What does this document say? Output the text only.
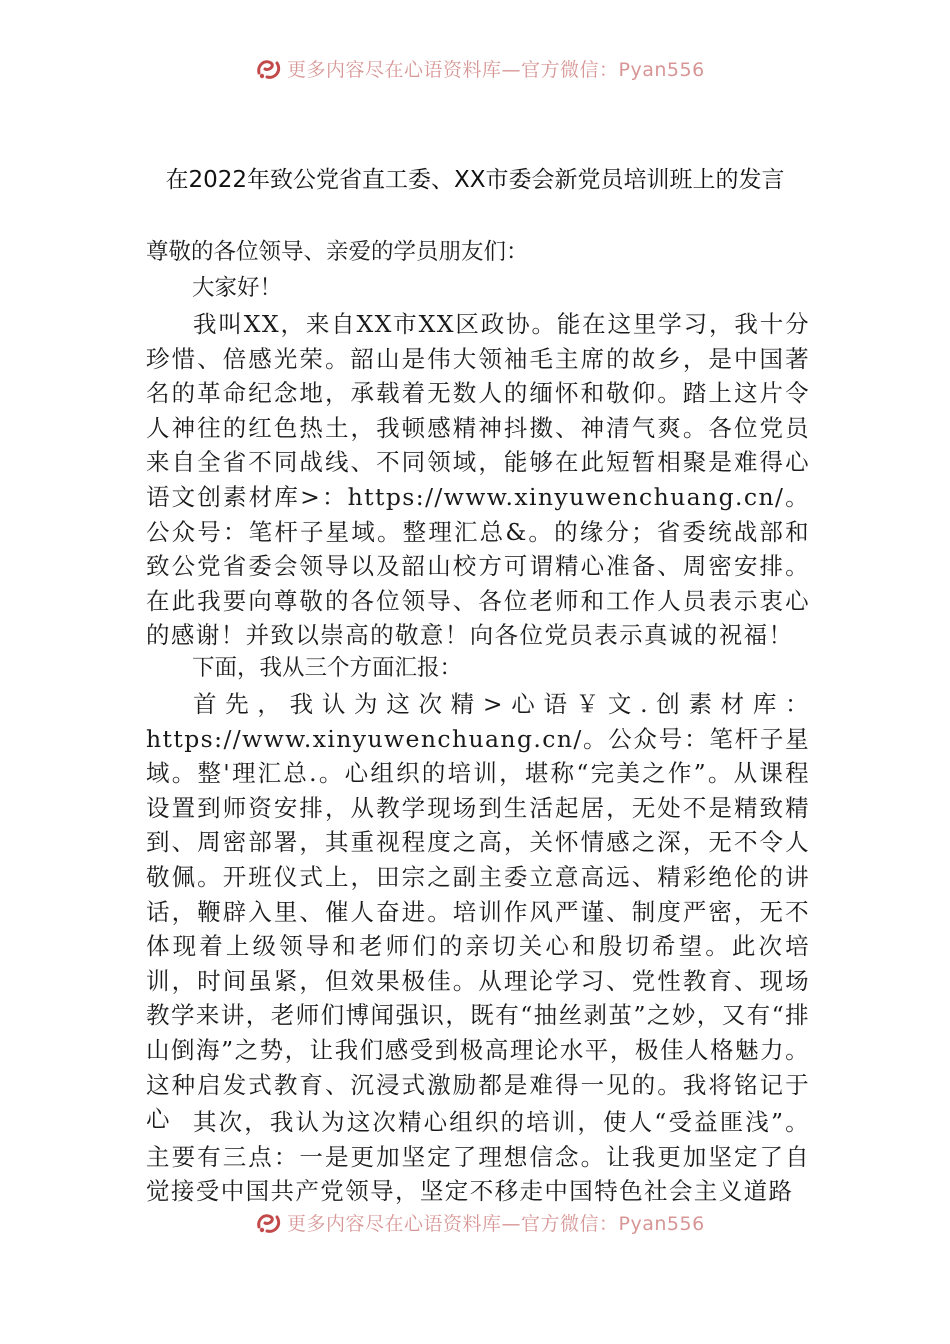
更多内容尽在心语资料库—官方微信：Pyan556
在2022年致公党省直工委、XX市委会新党员培训班上的发言
尊敬的各位领导、亲爱的学员朋友们：
大家好！
我叫XX，来自XX市XX区政协。能在这里学习，我十分珍惜、倍感光荣。韶山是伟大领袖毛主席的故乡，是中国著名的革命纪念地，承载着无数人的缅怀和敬仰。踏上这片令人神往的红色热土，我顿感精神抖擞、神清气爽。各位党员来自全省不同战线、不同领域，能够在此短暂相聚是难得心语文创素材库>：https://www.xinyuwenchuang.cn/。公众号：笔杆子星域。整理汇总&。的缘分；省委统战部和致公党省委会领导以及韶山校方可谓精心准备、周密安排。在此我要向尊敬的各位领导、各位老师和工作人员表示衷心的感谢！并致以崇高的敬意！向各位党员表示真诚的祝福！
下面，我从三个方面汇报：
首先，我认为这次精>心语￥文.创素材库：https://www.xinyuwenchuang.cn/。公众号：笔杆子星域。整'理汇总.。心组织的培训，堪称“完美之作”。从课程设置到师资安排，从教学现场到生活起居，无处不是精致精到、周密部署，其重视程度之高，关怀情感之深，无不令人敬佩。开班仪式上，田宗之副主委立意高远、精彩绝伦的讲话，鞭辟入里、催人奋进。培训作风严谨、制度严密，无不体现着上级领导和老师们的亲切关心和殷切希望。此次培训，时间虽紧，但效果极佳。从理论学习、党性教育、现场教学来讲，老师们博闻强识，既有“抽丝剥茧”之妙，又有“排山倒海”之势，让我们感受到极高理论水平，极佳人格魅力。这种启发式教育、沉浸式激励都是难得一见的。我将铭记于心 其次，我认为这次精心组织的培训，使人“受益匪浅”。主要有三点：一是更加坚定了理想信念。让我更加坚定了自觉接受中国共产党领导，坚定不移走中国特色社会主义道路
更多内容尽在心语资料库—官方微信：Pyan556
